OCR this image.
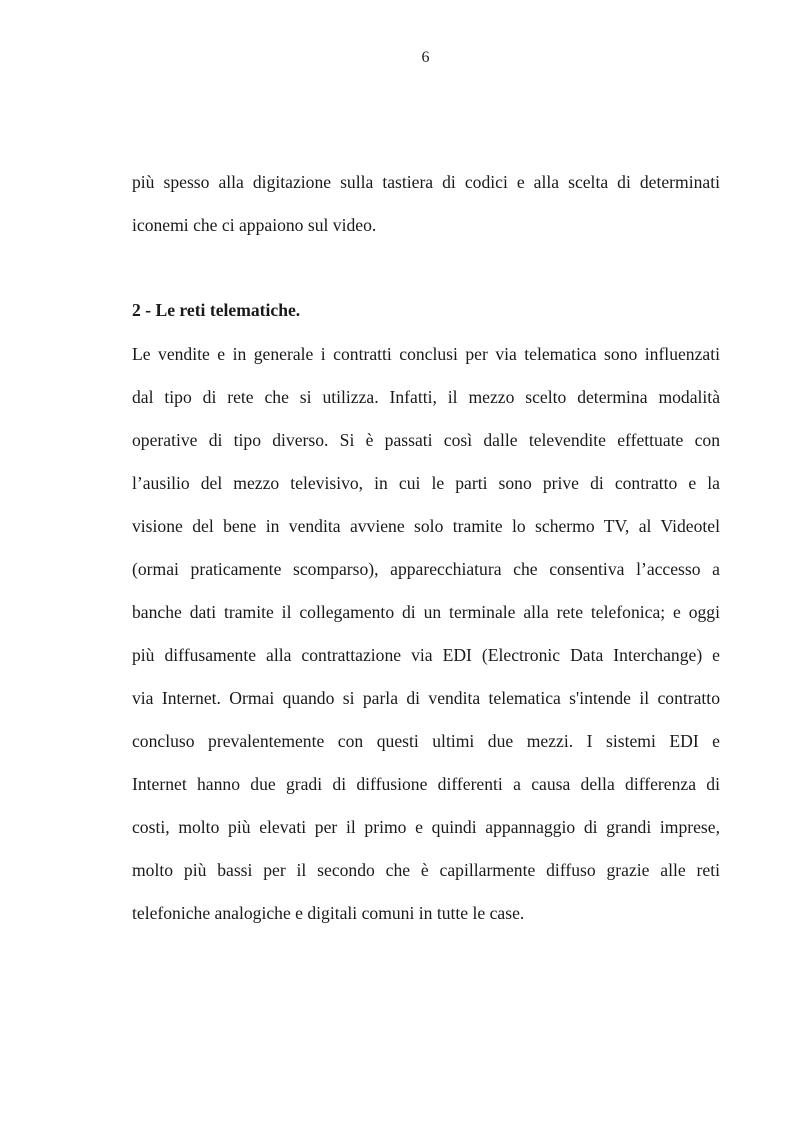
6
più spesso alla digitazione sulla tastiera di codici e alla scelta di determinati
iconemi che ci appaiono sul video.
2 - Le reti telematiche.
Le vendite e in generale i contratti conclusi per via telematica sono influenzati
dal tipo di rete che si utilizza. Infatti, il mezzo scelto determina modalità
operative di tipo diverso. Si è passati così dalle televendite effettuate con
l’ausilio del mezzo televisivo, in cui le parti sono prive di contratto e la
visione del bene in vendita avviene solo tramite lo schermo TV, al Videotel
(ormai praticamente scomparso), apparecchiatura che consentiva l’accesso a
banche dati tramite il collegamento di un terminale alla rete telefonica; e oggi
più diffusamente alla contrattazione via EDI (Electronic Data Interchange) e
via Internet. Ormai quando si parla di vendita telematica s'intende il contratto
concluso prevalentemente con questi ultimi due mezzi. I sistemi EDI e
Internet hanno due gradi di diffusione differenti a causa della differenza di
costi, molto più elevati per il primo e quindi appannaggio di grandi imprese,
molto più bassi per il secondo che è capillarmente diffuso grazie alle reti
telefoniche analogiche e digitali comuni in tutte le case.
